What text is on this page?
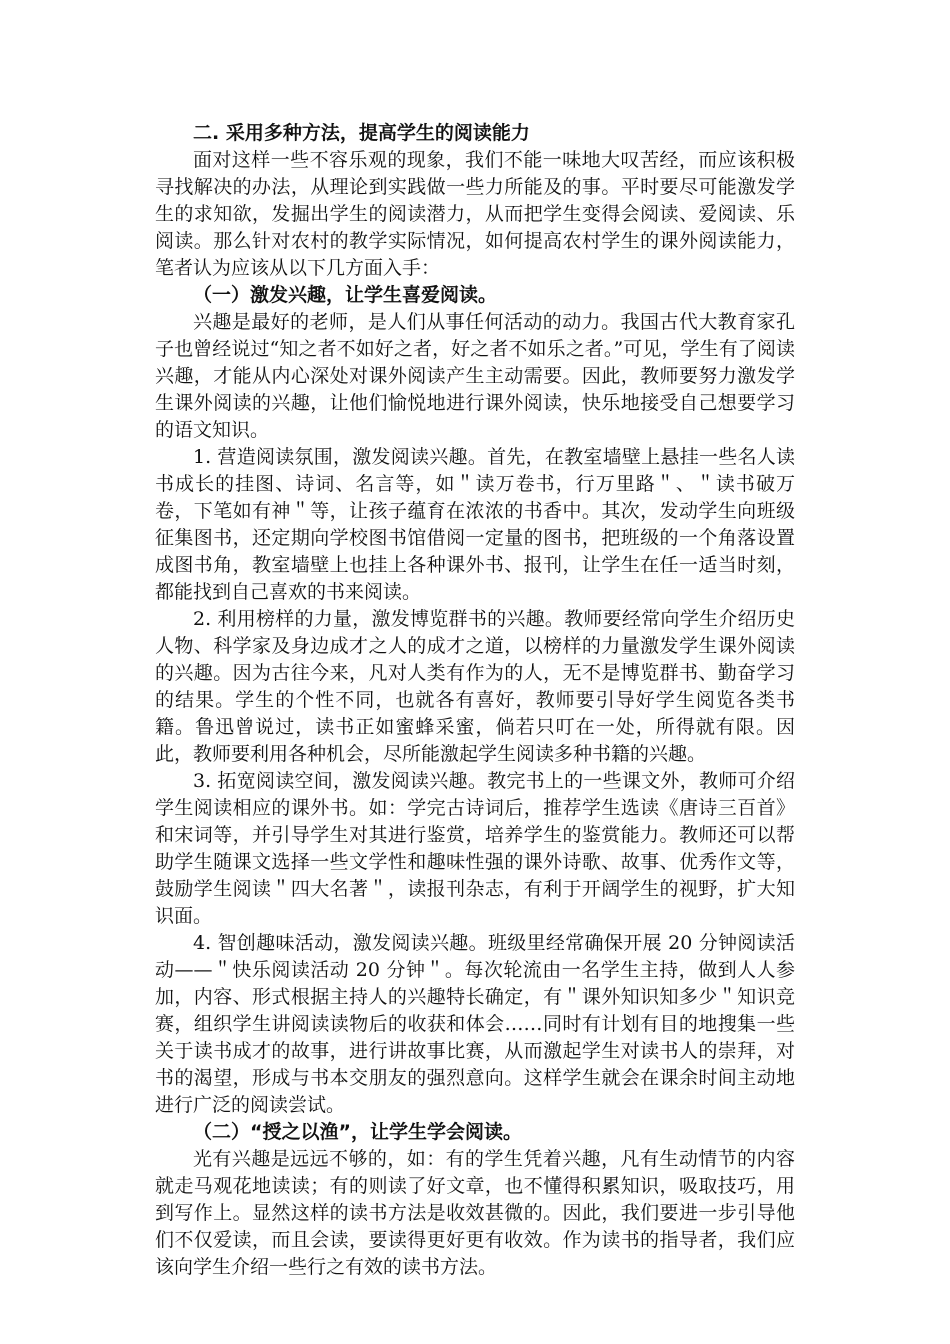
二. 采用多种方法，提高学生的阅读能力

面对这样一些不容乐观的现象，我们不能一味地大叹苦经，而应该积极寻找解决的办法，从理论到实践做一些力所能及的事。平时要尽可能激发学生的求知欲，发掘出学生的阅读潜力，从而把学生变得会阅读、爱阅读、乐阅读。那么针对农村的教学实际情况，如何提高农村学生的课外阅读能力，笔者认为应该从以下几方面入手：

（一）激发兴趣，让学生喜爱阅读。

兴趣是最好的老师，是人们从事任何活动的动力。我国古代大教育家孔子也曾经说过“知之者不如好之者，好之者不如乐之者。”可见，学生有了阅读兴趣，才能从内心深处对课外阅读产生主动需要。因此，教师要努力激发学生课外阅读的兴趣，让他们愉悦地进行课外阅读，快乐地接受自己想要学习的语文知识。

1. 营造阅读氛围，激发阅读兴趣。首先，在教室墙壁上悬挂一些名人读书成长的挂图、诗词、名言等，如＂读万卷书，行万里路＂、＂读书破万卷，下笔如有神＂等，让孩子蕴育在浓浓的书香中。其次，发动学生向班级征集图书，还定期向学校图书馆借阅一定量的图书，把班级的一个角落设置成图书角，教室墙壁上也挂上各种课外书、报刊，让学生在任一适当时刻，都能找到自己喜欢的书来阅读。

2. 利用榜样的力量，激发博览群书的兴趣。教师要经常向学生介绍历史人物、科学家及身边成才之人的成才之道，以榜样的力量激发学生课外阅读的兴趣。因为古往今来，凡对人类有作为的人，无不是博览群书、勤奋学习的结果。学生的个性不同，也就各有喜好，教师要引导好学生阅览各类书籍。鲁迅曾说过，读书正如蜜蜂采蜜，倘若只叮在一处，所得就有限。因此，教师要利用各种机会，尽所能激起学生阅读多种书籍的兴趣。

3. 拓宽阅读空间，激发阅读兴趣。教完书上的一些课文外，教师可介绍学生阅读相应的课外书。如：学完古诗词后，推荐学生选读《唐诗三百首》和宋词等，并引导学生对其进行鉴赏，培养学生的鉴赏能力。教师还可以帮助学生随课文选择一些文学性和趣味性强的课外诗歌、故事、优秀作文等，鼓励学生阅读＂四大名著＂，读报刊杂志，有利于开阔学生的视野，扩大知识面。

4. 智创趣味活动，激发阅读兴趣。班级里经常确保开展 20 分钟阅读活动——＂快乐阅读活动 20 分钟＂。每次轮流由一名学生主持，做到人人参加，内容、形式根据主持人的兴趣特长确定，有＂课外知识知多少＂知识竞赛，组织学生讲阅读读物后的收获和体会……同时有计划有目的地搜集一些关于读书成才的故事，进行讲故事比赛，从而激起学生对读书人的崇拜，对书的渴望，形成与书本交朋友的强烈意向。这样学生就会在课余时间主动地进行广泛的阅读尝试。

（二）“授之以渔”，让学生学会阅读。

光有兴趣是远远不够的，如：有的学生凭着兴趣，凡有生动情节的内容就走马观花地读读；有的则读了好文章，也不懂得积累知识，吸取技巧，用到写作上。显然这样的读书方法是收效甚微的。因此，我们要进一步引导他们不仅爱读，而且会读，要读得更好更有收效。作为读书的指导者，我们应该向学生介绍一些行之有效的读书方法。
